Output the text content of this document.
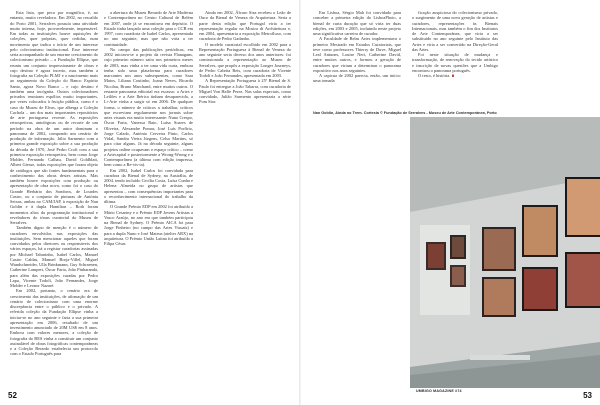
Esta lista, que peca por magnífica, é, no entanto, muito reveladora. Em 2002, no rescaldo do Porto 2001, Serralves possuía uma atividade muito intensa, hoje, provavelmente, impensável. Em todas as instituições houve aquisições de coleções, quer próprias, quer cedidas, num movimento que indica o início de um interesse pelo colecionismo institucional. Esse interesse seria acompanhado de um enorme crescimento do colecionismo privado – a Fundação Ellipse, que reuniu um conjunto impressionante de obras e cujo destino é agora incerto, mas também a fotografia na Coleção PLMJ e o nascimento mais ao seguimento da Coleção do Banco Espírito Santo, agora Novo Banco – e cujo destino é também uma incógnita. Outros colecionadores privados reuniram espólios muito importantes, por vezes colocados à fruição pública, como é o caso do Museu de Elvas, que alberga a Coleção Cachola – um dos mais importantes repositórios de arte portuguesa recente. As exposições retrospetivas, antológicas ou de recorte de um período na obra de um autor dominam o panorama de 2002, compondo um cenário de produção de informação. Júlio Sarmento com a primeira grande exposição sobre a sua produção da década de 1970, José Pedro Croft com a sua primeira exposição retrospetiva, bem como Jorge Molder, Fernando Calhau, David Goldblatt, Albert Giesse, todas exposições que foram objeto de catálogos que são fontes fundamentais para o conhecimento das obras destes artistas. Mas também houve exposições com produção ou apresentação de obra nova, como foi o caso do Grande Herbário dos Sombros, de Lourdes Castro, ou o conjunto de pinturas de Antónia Seixas, ambas no CAM/JAP, à exposição de Nan Goldin e à dupla Hamilton – Roth foram momentos altos da programação institucional e reveladores do tónus curatorial do Museu de Serralves.

Também digno de menção é o número de curadores envolvidos nas exposições das instituições. Sem mencionar aqueles que foram convidados pelos diretores ou responsáveis dos vários espaços, há a registar curadorias assinadas por Michael Tabarinho, Isabel Carlos, Manuel Castro Caldas, Manuel Borja-Villel, Miguel Wandschneider, Ulla Brinkmann, Guy Schraenen, Catherine Lampert, Óscar Faria, João Pinharanda, para além das exposições curadas por Pedro Lapa, Vicente Todolí, João Fernandes, Jorge Molder e Leonor Nazaré.

Em 2002, portanto, o cenário era de crescimento das instituições, de afirmação de um cenário de colecionismo com uma enorme discrepância entre o público e o privado. A referida coleção da Fundação Ellipse vinha a iniciar-se no ano seguinte e faria a sua primeira apresentação em 2006, resultado de um investimento anunciado de 20M US$ em 8 anos. Embora com valores menores, a coleção de fotografia do BES vinha a constituir um conjunto assinalável de obras fotográficas contemporâneas e a Coleção Berardo estabelecia um protocolo com o Estado Português para

a abertura do Museu Berardo de Arte Moderna e Contemporânea no Centro Cultural de Belém em 2007, onde já se encontrava em depósito. O Estado tinha lançado uma coleção para o CCB em 1997, com curadoria de Isabel Carlos, apresentada no ano seguinte, mas que não viria a ter continuidade.

No campo das publicações periódicas, em 2002 iniciava-se a projeto da revista Flanagans, cujo primeiro número saíra nos primeiros meses de 2003, mas vinha a ter uma vida curta, embora tenha sido uma plataforma para curadores marcantes nos anos subsequentes, como Sara Matos, Liliana Coutinho, Joana Neves, Ricardo Nicolau, Bruno Marchand, entre muitos outros. O restante panorama editorial era escasso: a Artes e Leilões e a Arte Ibérica tinham desaparecido, a L+Arte vinha a surgir só em 2006. De qualquer forma, o número de críticos a trabalhar, críticos que escreviam regularmente nos jornais sobre artes visuais era muito interessante: Nuno Crespo, Óscar Faria, Vanessa Rato, Luísa Soares de Oliveira, Alexandre Pomar, José Luís Porfírio, Jorge Calado, António Cerveira Pinto, Carlos Vidal, Sandra Vieira Jürgens, Celso Martins, só para citar alguns. Já na década seguinte, alguns projetos online ocupavam o espaço crítico – como a Artecapital e posteriormente a Wrong-Wrong e a Contemporânea (a última com edição impressa, bem como a Re-vis-ta).

Em 2002, Isabel Carlos foi convidada para curadora da Bienal de Sydney, na Austrália, de 2004, tendo incluído Cecília Costa, Luísa Cunha e Helena Almeida no grupo de artistas que apresentou – com consequências importantes para o reconhecimento internacional do trabalho da última.

O Grande Prémio EDP em 2002 foi atribuído a Mário Cesariny e o Prémio EDP Jovens Artistas a Vasco Araújo, no ano em que também participou na Bienal de Sydney. O Prémio AICA foi para Jorge Pinheiro (no campo das Artes Visuais) e para a dupla Nuno e José Mateus (atelier ARX) na arquitetura. O Prémio União Latina foi atribuído a Filipa César.

Ainda em 2002, Álvaro Siza recebeu o Leão de Ouro da Bienal de Veneza de Arquitetura. Seria a parte desta edição que Portugal viria a ter representação regular na Mostra di Architettura e, em 2004, apresentaria a exposição Metrofluxo, com curadoria de Pedro Gadanho.

O modelo curatorial escolhido em 2002 para a Representação Portuguesa à Bienal de Veneza do ano seguinte seria diverso dos anos anteriores: foi comissionada a representação ao Museu de Serralves, que propôs a exposição Longer Journeys, de Pedro Cabrita Reis, com curadoria de Vicente Todolí e João Fernandes, apresentada em 2003.

A Representação Portuguesa à 25ª Bienal de S. Paulo foi entregue a João Tabarra, com curadoria de Miguel Von Haffe Perez. Nas salas especiais, como convidado, Julião Sarmento apresentaria a série Pom Stor.

Em Lisboa, Sérgio Mah foi convidado para conceber a primeira edição do LisboaPhoto, a bienal de curta duração que só viria ter duas edições, em 2003 e 2005, incluindo neste projeto uma significativa carreira de curador.

A Faculdade de Belas Artes implementava o primeiro Mestrado em Estudos Curatoriais, que teve como professores Thierry de Duve, Miguel Leal Antunes, Louise Neri, Catherine David, entre muitos outros, e formou a geração de curadores que viriam a determinar o panorama expositivo nos anos seguintes.

A capicua de 2002 parecia, então, um início: uma tomada

ficação auspiciosa do colecionismo privado, o surgimento de uma nova geração de artistas e curadores, representações às Bienais Internacionais, mas também o fim dos Institutos de Arte Contemporânea, que viria a ser substituído no ano seguinte pelo Instituto das Artes e viria a ser convertido na Direção-Geral das Artes.

Foi neste situação de mudança e transformação, de renovação do tecido artístico e inscrição de novas questões que a Umbigo encontrou o panorama português.

O resto, é história. ∎

Nan Goldin, Ainda no Trem. Cortesia © Fundação de Serralves - Museu de Arte Contemporânea, Porto
UMBIGO MAGAZINE #74
52	53
